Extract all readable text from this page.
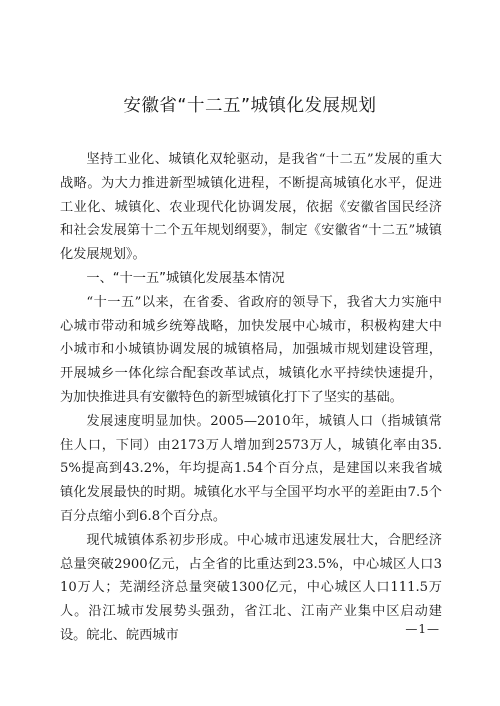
安徽省“十二五”城镇化发展规划

坚持工业化、城镇化双轮驱动，是我省“十二五”发展的重大战略。为大力推进新型城镇化进程，不断提高城镇化水平，促进工业化、城镇化、农业现代化协调发展，依据《安徽省国民经济和社会发展第十二个五年规划纲要》，制定《安徽省“十二五”城镇化发展规划》。

一、“十一五”城镇化发展基本情况

“十一五”以来，在省委、省政府的领导下，我省大力实施中心城市带动和城乡统筹战略，加快发展中心城市，积极构建大中小城市和小城镇协调发展的城镇格局，加强城市规划建设管理，开展城乡一体化综合配套改革试点，城镇化水平持续快速提升，为加快推进具有安徽特色的新型城镇化打下了坚实的基础。

发展速度明显加快。2005—2010年，城镇人口（指城镇常住人口，下同）由2173万人增加到2573万人，城镇化率由35.5%提高到43.2%，年均提高1.54个百分点，是建国以来我省城镇化发展最快的时期。城镇化水平与全国平均水平的差距由7.5个百分点缩小到6.8个百分点。

现代城镇体系初步形成。中心城市迅速发展壮大，合肥经济总量突破2900亿元，占全省的比重达到23.5%，中心城区人口310万人；芜湖经济总量突破1300亿元，中心城区人口111.5万人。沿江城市发展势头强劲，省江北、江南产业集中区启动建设。皖北、皖西城市	—1—
